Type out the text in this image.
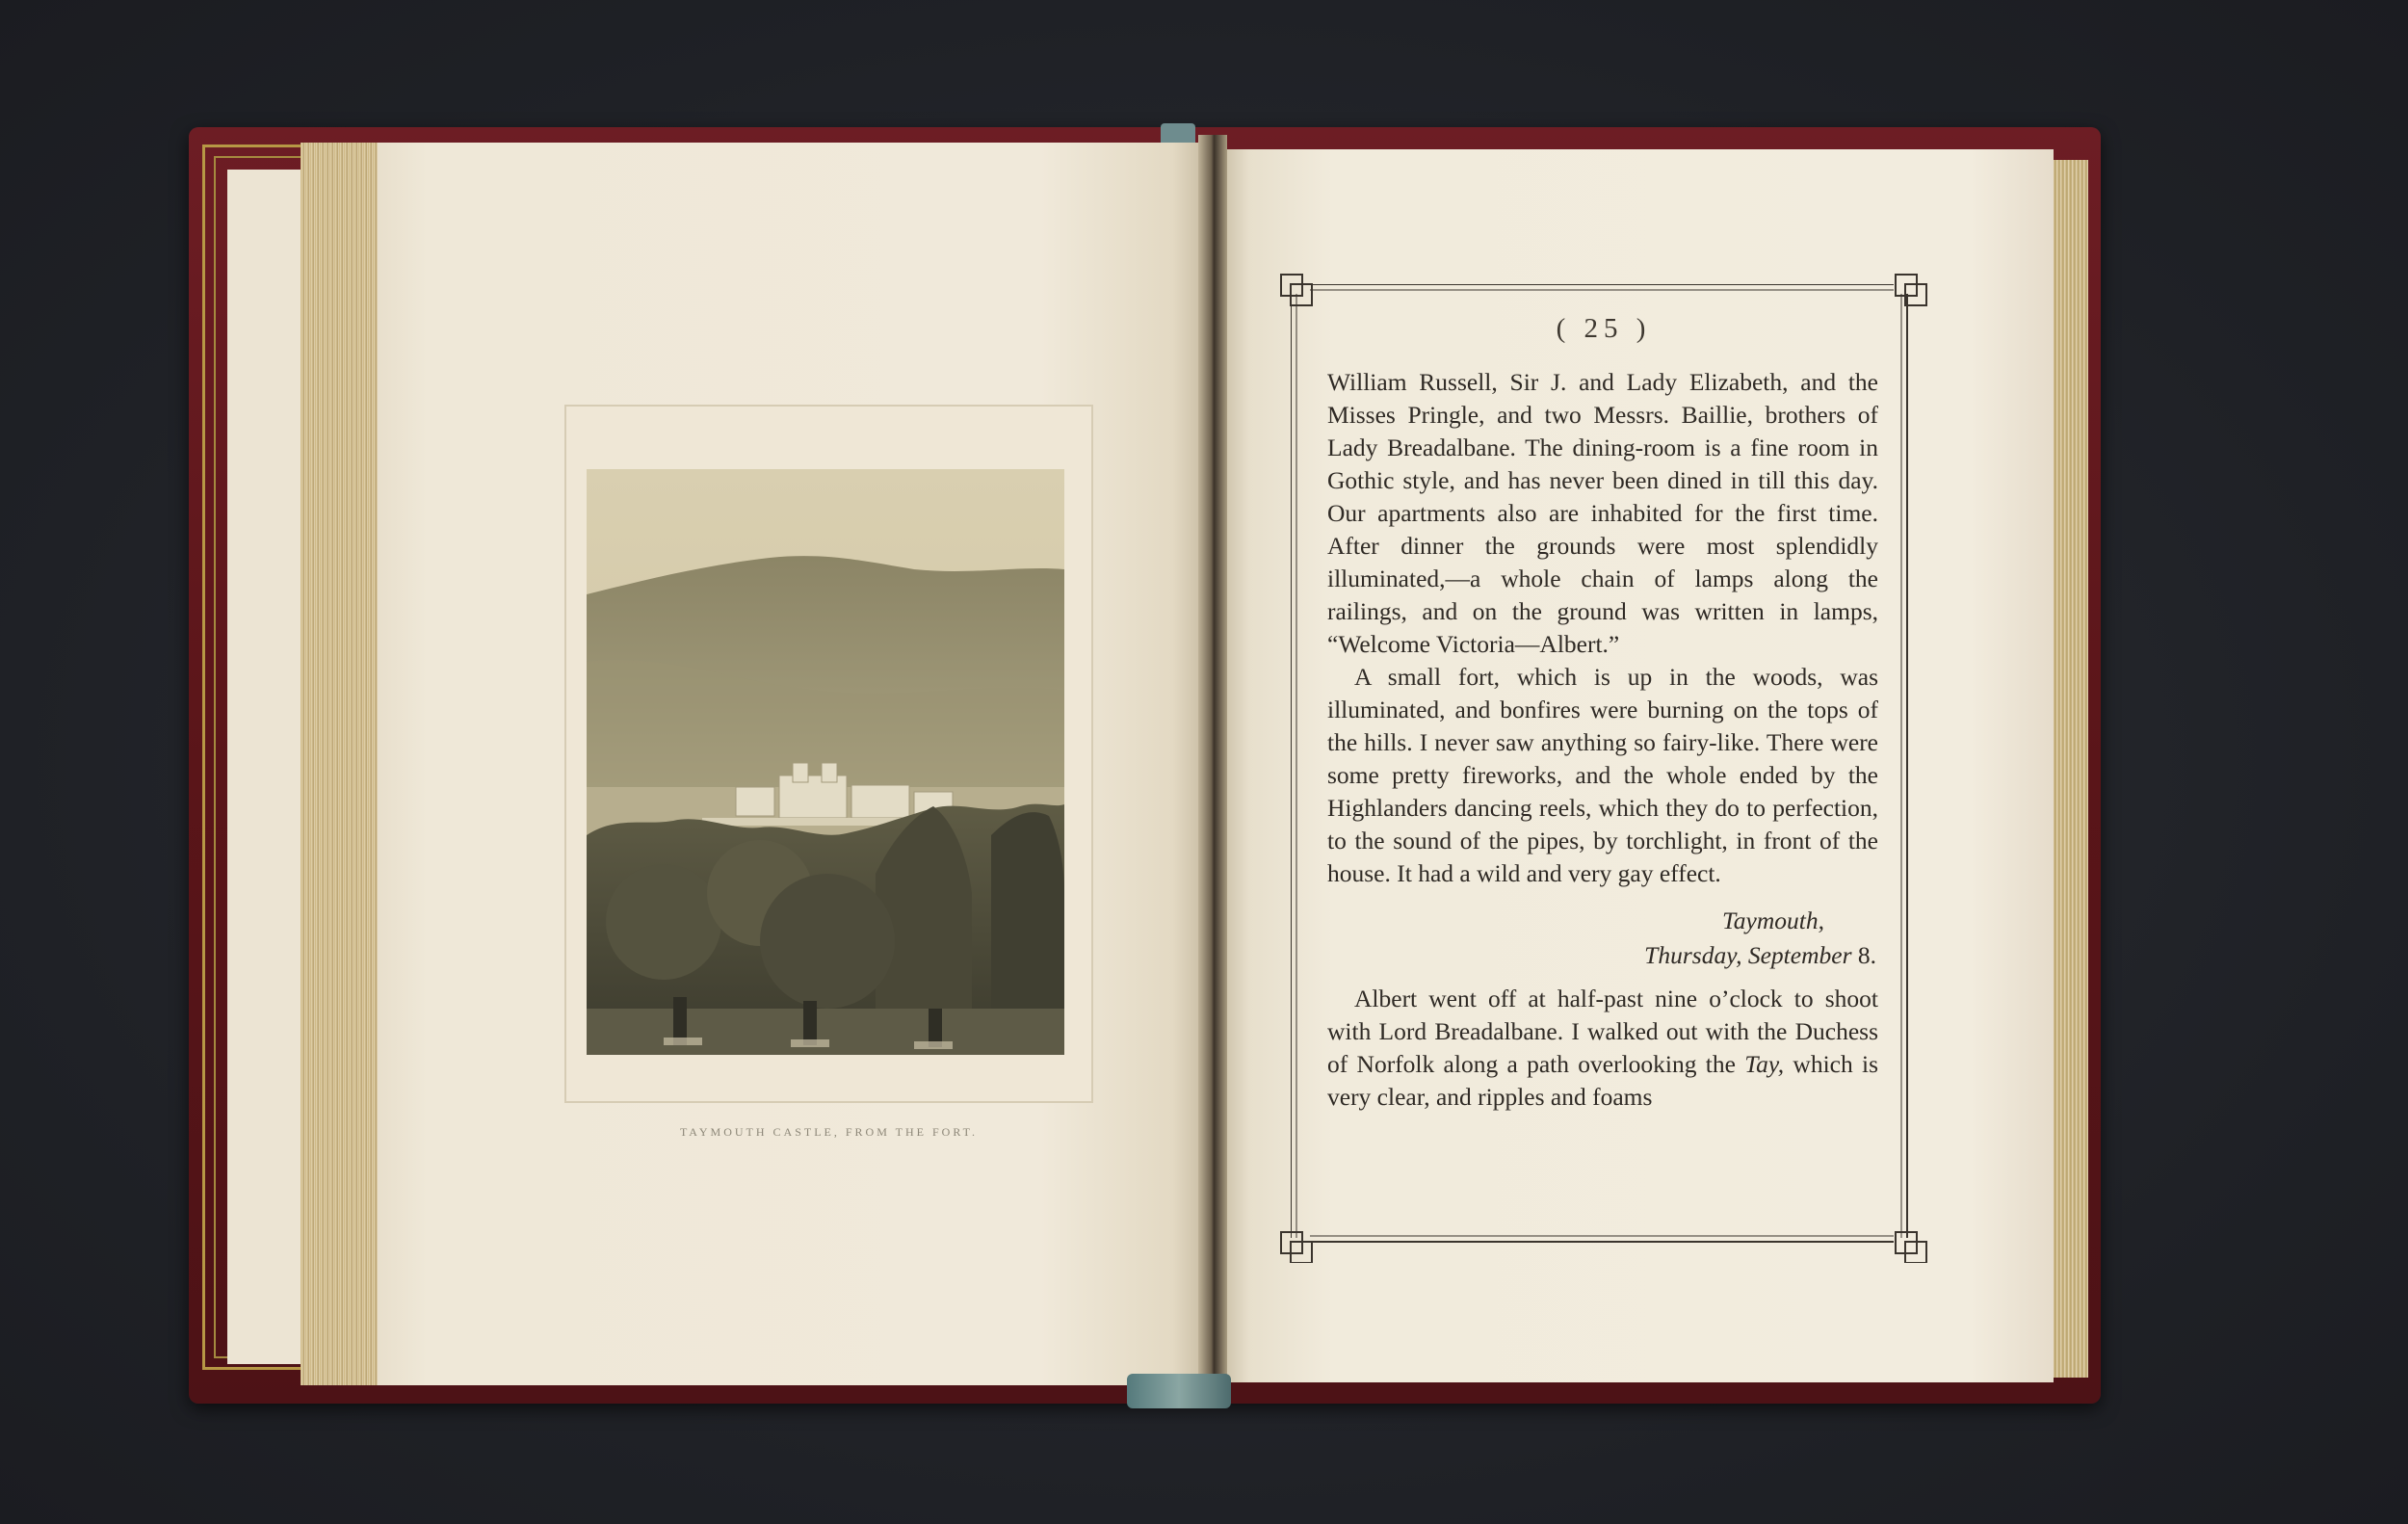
TAYMOUTH CASTLE, FROM THE FORT.
( 25 )

William Russell, Sir J. and Lady Elizabeth, and the Misses Pringle, and two Messrs. Baillie, brothers of Lady Breadalbane. The dining-room is a fine room in Gothic style, and has never been dined in till this day. Our apartments also are inhabited for the first time. After dinner the grounds were most splendidly illuminated,—a whole chain of lamps along the railings, and on the ground was written in lamps, “Welcome Victoria—Albert.”

A small fort, which is up in the woods, was illuminated, and bonfires were burning on the tops of the hills. I never saw anything so fairy-like. There were some pretty fireworks, and the whole ended by the Highlanders dancing reels, which they do to perfection, to the sound of the pipes, by torchlight, in front of the house. It had a wild and very gay effect.

Taymouth,
Thursday, September 8.

Albert went off at half-past nine o’clock to shoot with Lord Breadalbane. I walked out with the Duchess of Norfolk along a path overlooking the Tay, which is very clear, and ripples and foams
